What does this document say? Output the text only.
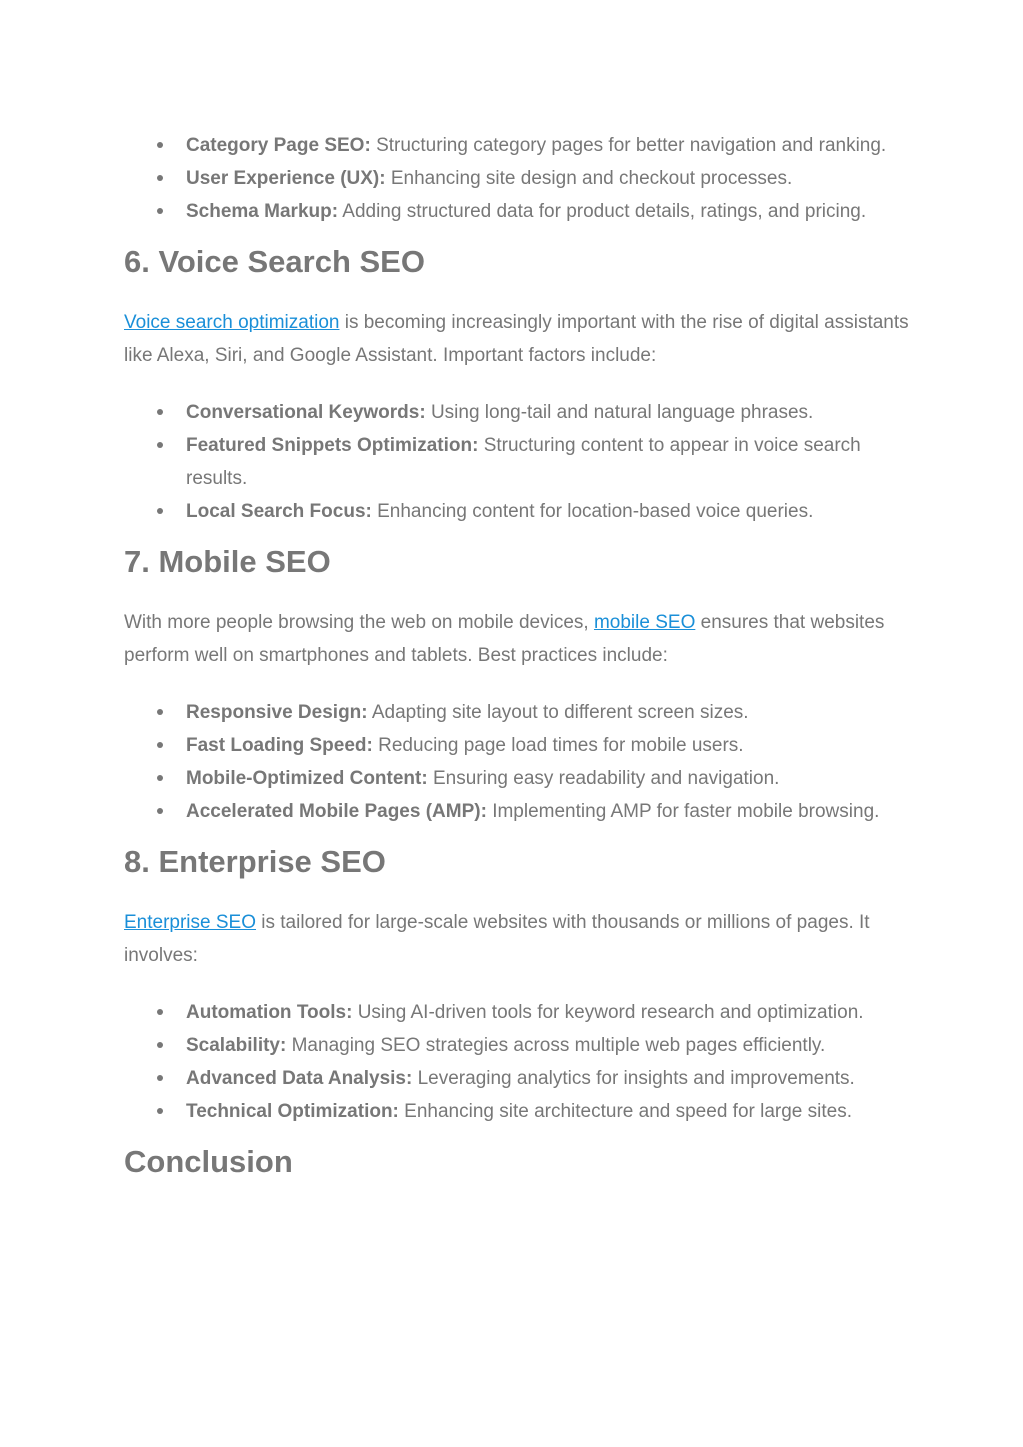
Category Page SEO: Structuring category pages for better navigation and ranking.
User Experience (UX): Enhancing site design and checkout processes.
Schema Markup: Adding structured data for product details, ratings, and pricing.
6. Voice Search SEO

Voice search optimization is becoming increasingly important with the rise of digital assistants like Alexa, Siri, and Google Assistant. Important factors include:

Conversational Keywords: Using long-tail and natural language phrases.
Featured Snippets Optimization: Structuring content to appear in voice search results.
Local Search Focus: Enhancing content for location-based voice queries.
7. Mobile SEO

With more people browsing the web on mobile devices, mobile SEO ensures that websites perform well on smartphones and tablets. Best practices include:

Responsive Design: Adapting site layout to different screen sizes.
Fast Loading Speed: Reducing page load times for mobile users.
Mobile-Optimized Content: Ensuring easy readability and navigation.
Accelerated Mobile Pages (AMP): Implementing AMP for faster mobile browsing.
8. Enterprise SEO

Enterprise SEO is tailored for large-scale websites with thousands or millions of pages. It involves:

Automation Tools: Using AI-driven tools for keyword research and optimization.
Scalability: Managing SEO strategies across multiple web pages efficiently.
Advanced Data Analysis: Leveraging analytics for insights and improvements.
Technical Optimization: Enhancing site architecture and speed for large sites.
Conclusion
